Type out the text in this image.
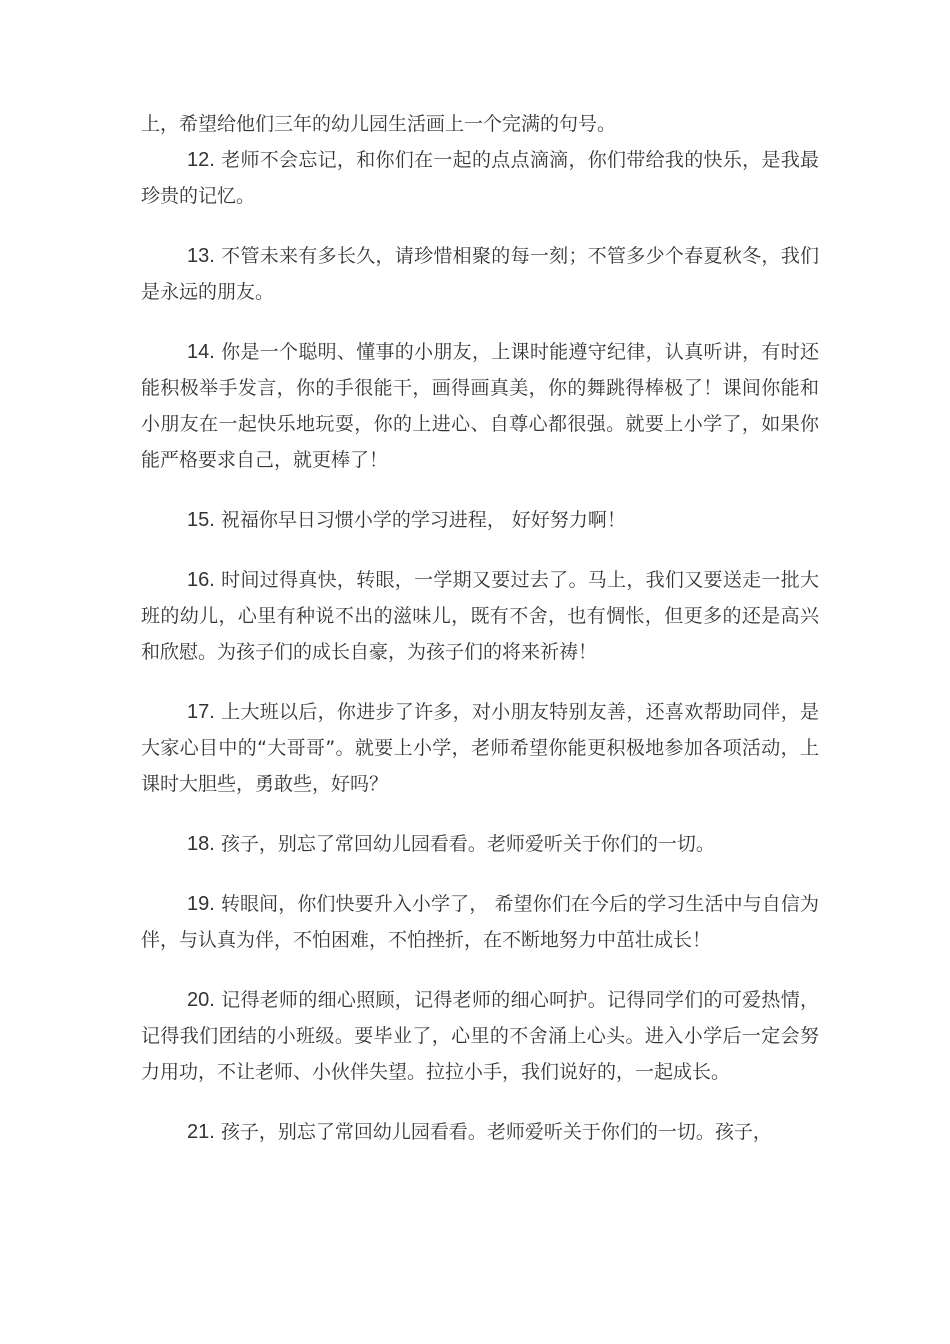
上，希望给他们三年的幼儿园生活画上一个完满的句号。

12. 老师不会忘记，和你们在一起的点点滴滴，你们带给我的快乐，是我最珍贵的记忆。

13. 不管未来有多长久，请珍惜相聚的每一刻；不管多少个春夏秋冬，我们是永远的朋友。

14. 你是一个聪明、懂事的小朋友，上课时能遵守纪律，认真听讲，有时还能积极举手发言，你的手很能干，画得画真美，你的舞跳得棒极了！课间你能和小朋友在一起快乐地玩耍，你的上进心、自尊心都很强。就要上小学了，如果你能严格要求自己，就更棒了！

15. 祝福你早日习惯小学的学习进程， 好好努力啊！

16. 时间过得真快，转眼，一学期又要过去了。马上，我们又要送走一批大班的幼儿，心里有种说不出的滋味儿，既有不舍，也有惆怅，但更多的还是高兴和欣慰。为孩子们的成长自豪，为孩子们的将来祈祷！

17. 上大班以后，你进步了许多，对小朋友特别友善，还喜欢帮助同伴，是大家心目中的“大哥哥”。就要上小学，老师希望你能更积极地参加各项活动，上课时大胆些，勇敢些，好吗？

18. 孩子，别忘了常回幼儿园看看。老师爱听关于你们的一切。

19. 转眼间，你们快要升入小学了， 希望你们在今后的学习生活中与自信为伴，与认真为伴，不怕困难，不怕挫折，在不断地努力中茁壮成长！

20. 记得老师的细心照顾，记得老师的细心呵护。记得同学们的可爱热情，记得我们团结的小班级。要毕业了，心里的不舍涌上心头。进入小学后一定会努力用功，不让老师、小伙伴失望。拉拉小手，我们说好的，一起成长。

21. 孩子，别忘了常回幼儿园看看。老师爱听关于你们的一切。孩子，
